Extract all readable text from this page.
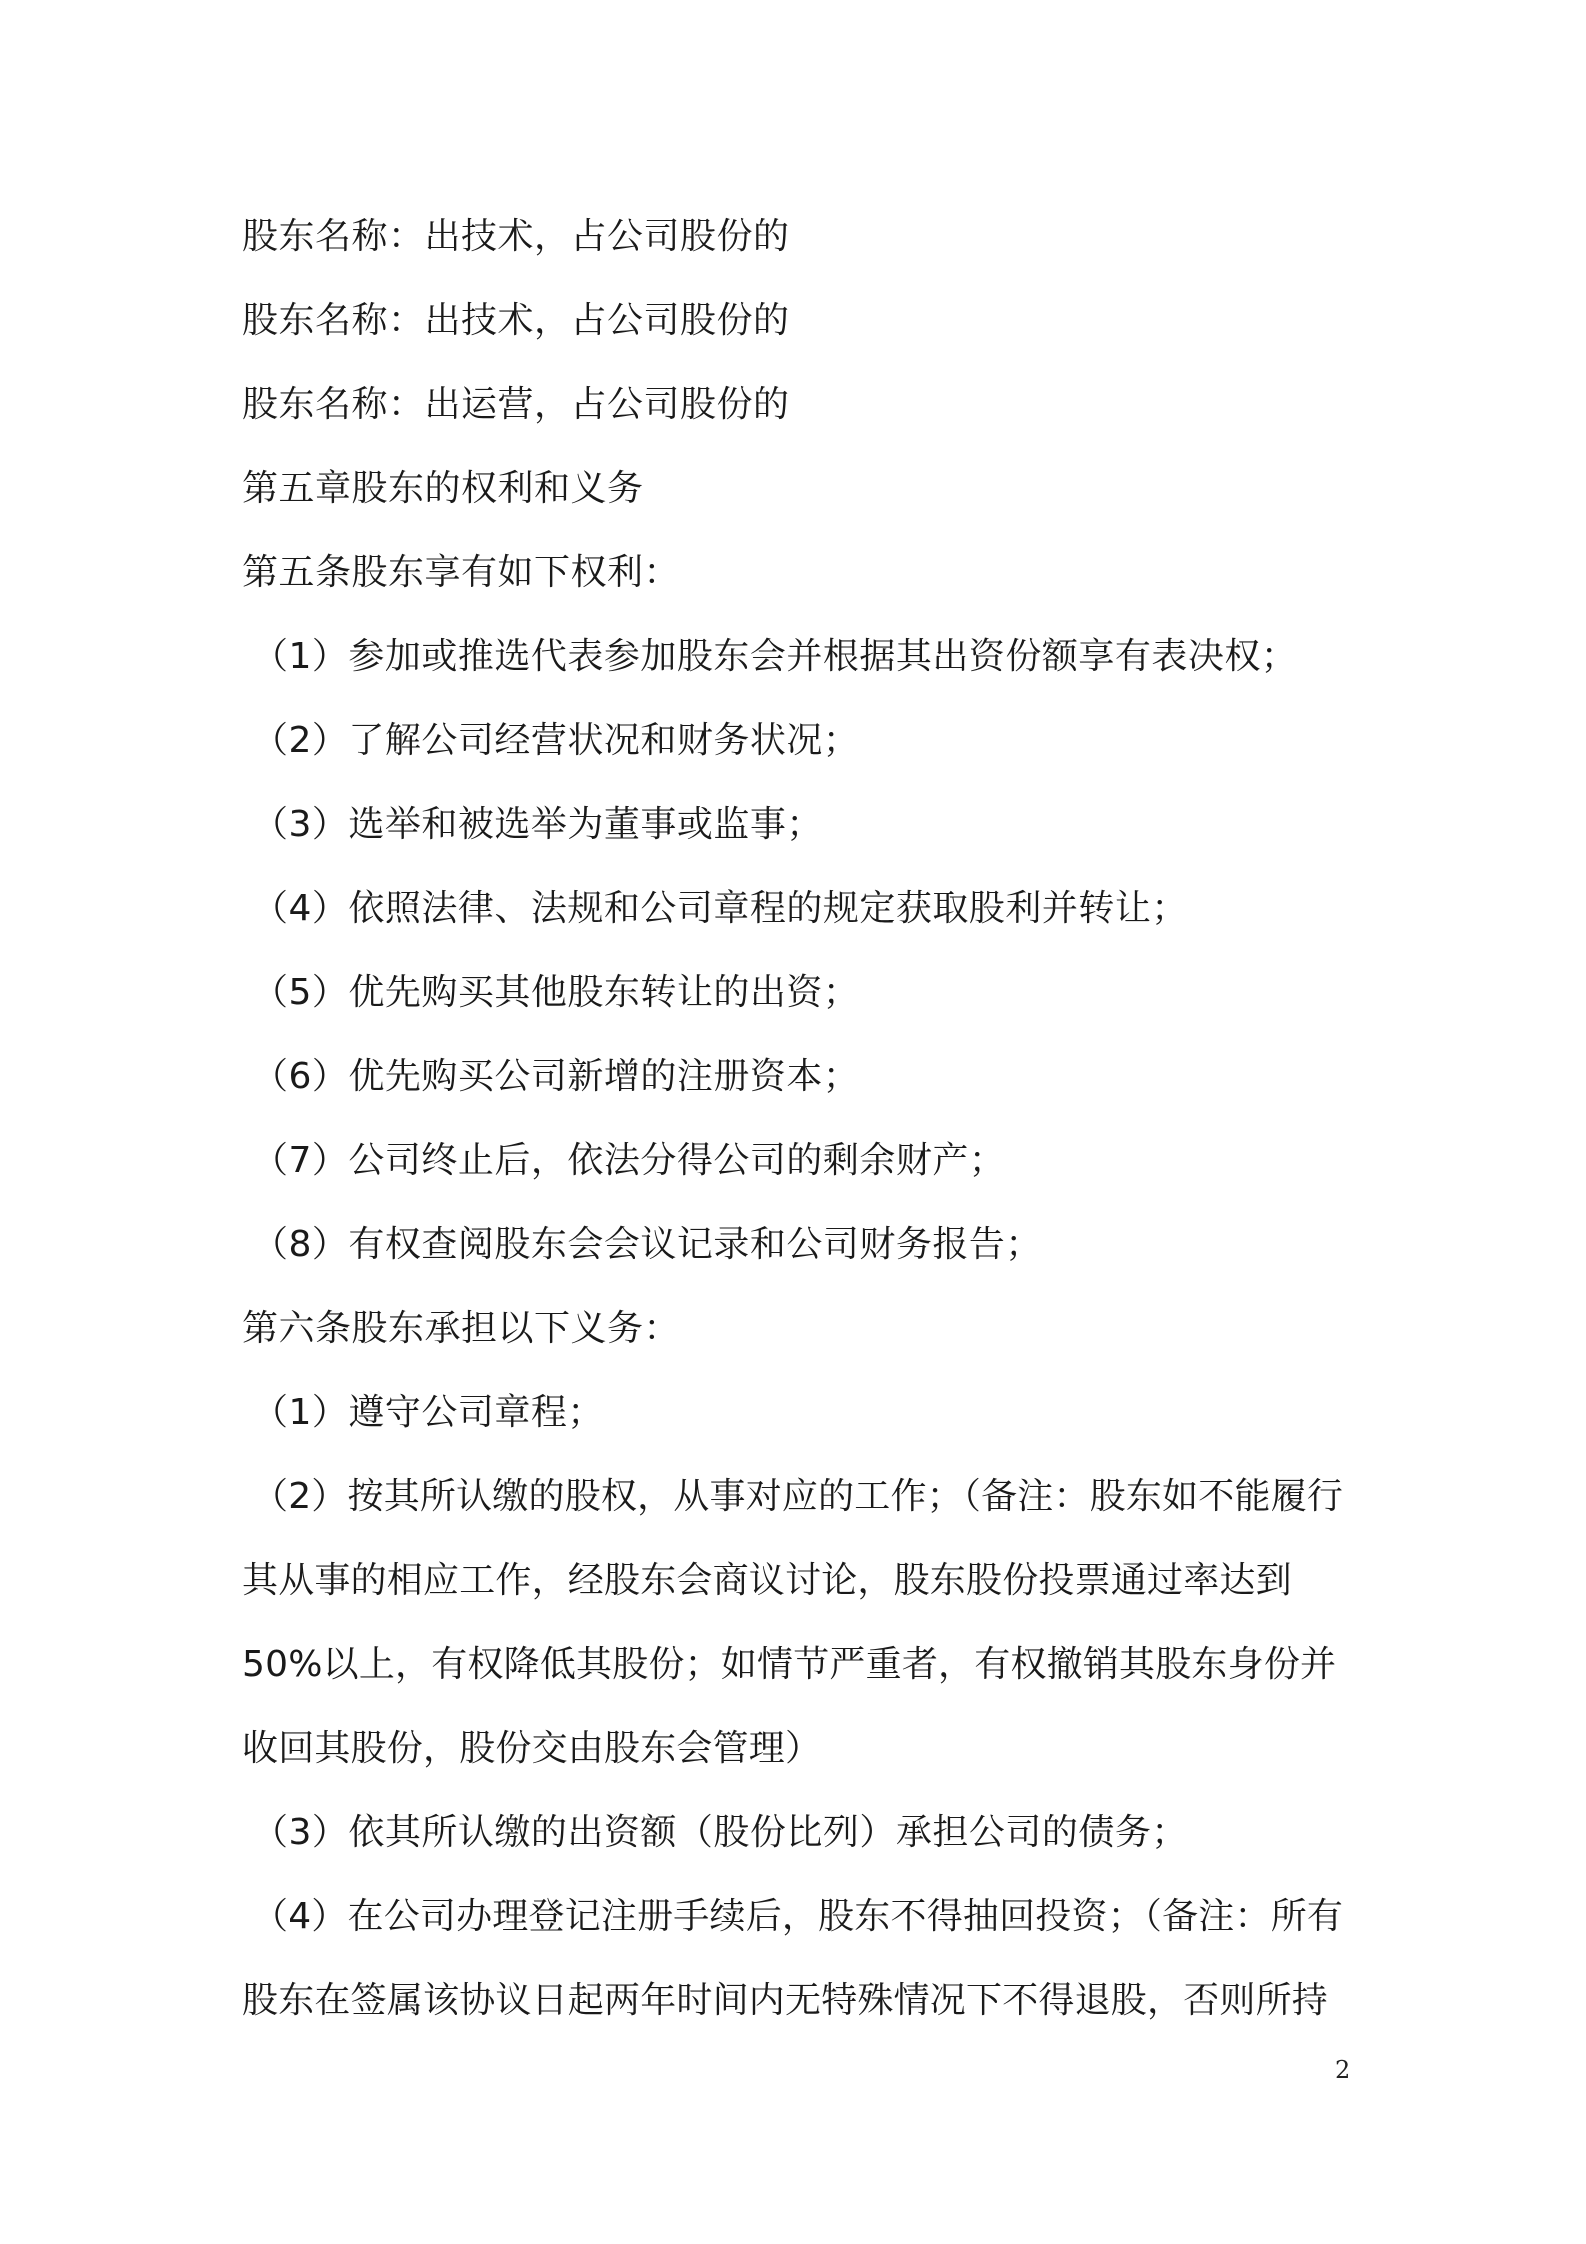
股东名称：出技术，占公司股份的
股东名称：出技术，占公司股份的
股东名称：出运营，占公司股份的
第五章股东的权利和义务
第五条股东享有如下权利：
（1）参加或推选代表参加股东会并根据其出资份额享有表决权；
（2）了解公司经营状况和财务状况；
（3）选举和被选举为董事或监事；
（4）依照法律、法规和公司章程的规定获取股利并转让；
（5）优先购买其他股东转让的出资；
（6）优先购买公司新增的注册资本；
（7）公司终止后，依法分得公司的剩余财产；
（8）有权查阅股东会会议记录和公司财务报告；
第六条股东承担以下义务：
（1）遵守公司章程；
（2）按其所认缴的股权，从事对应的工作；（备注：股东如不能履行
其从事的相应工作，经股东会商议讨论，股东股份投票通过率达到
50%以上，有权降低其股份；如情节严重者，有权撤销其股东身份并
收回其股份，股份交由股东会管理）
（3）依其所认缴的出资额（股份比列）承担公司的债务；
（4）在公司办理登记注册手续后，股东不得抽回投资；（备注：所有
股东在签属该协议日起两年时间内无特殊情况下不得退股，否则所持
2
